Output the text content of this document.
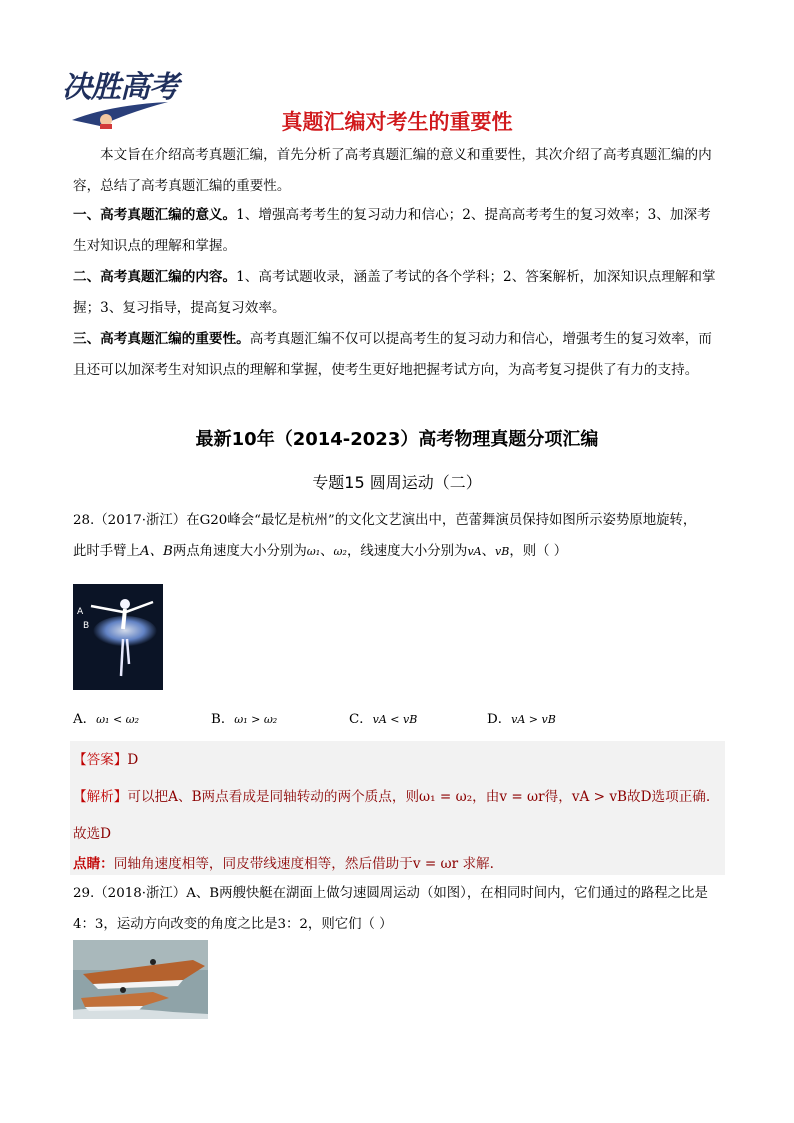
决胜高考
真题汇编对考生的重要性
本文旨在介绍高考真题汇编，首先分析了高考真题汇编的意义和重要性，其次介绍了高考真题汇编的内容，总结了高考真题汇编的重要性。
一、高考真题汇编的意义。1、增强高考考生的复习动力和信心；2、提高高考考生的复习效率；3、加深考生对知识点的理解和掌握。
二、高考真题汇编的内容。1、高考试题收录，涵盖了考试的各个学科；2、答案解析，加深知识点理解和掌握；3、复习指导，提高复习效率。
三、高考真题汇编的重要性。高考真题汇编不仅可以提高考生的复习动力和信心，增强考生的复习效率，而且还可以加深考生对知识点的理解和掌握，使考生更好地把握考试方向，为高考复习提供了有力的支持。
最新10年（2014-2023）高考物理真题分项汇编
专题15 圆周运动（二）
28.（2017·浙江）在G20峰会“最忆是杭州”的文化文艺演出中，芭蕾舞演员保持如图所示姿势原地旋转，
此时手臂上A、B两点角速度大小分别为ω₁、ω₂，线速度大小分别为vA、vB，则（ ）
A
B
A．ω₁ < ω₂	B．ω₁ > ω₂	C．vA < vB	D．vA > vB
【答案】D
【解析】可以把A、B两点看成是同轴转动的两个质点，则ω₁ = ω₂，由v = ωr得，vA > vB故D选项正确.
故选D
点睛：同轴角速度相等，同皮带线速度相等，然后借助于v = ωr 求解.
29.（2018·浙江）A、B两艘快艇在湖面上做匀速圆周运动（如图），在相同时间内，它们通过的路程之比是
4：3，运动方向改变的角度之比是3：2，则它们（ ）
